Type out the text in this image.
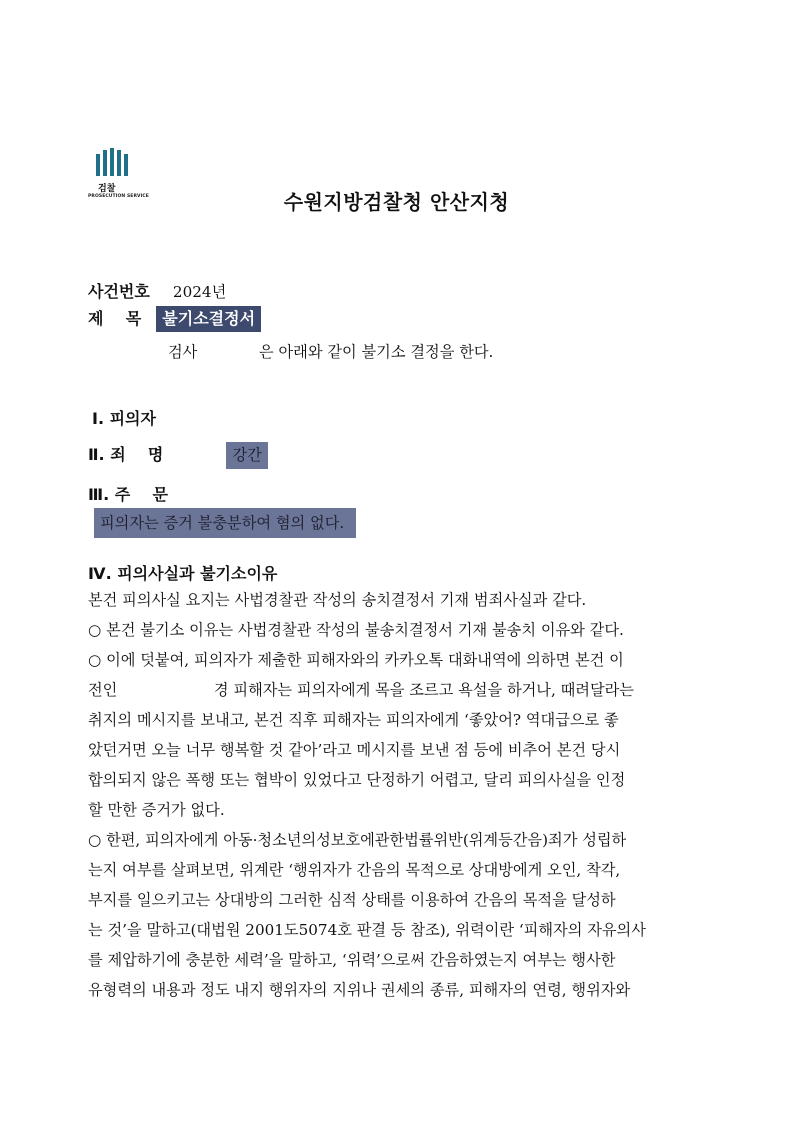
검찰
PROSECUTION SERVICE	수원지방검찰청 안산지청
사건번호 2024년
제    목 불기소결정서
검사	은 아래와 같이 불기소 결정을 한다.
Ⅰ. 피의자
Ⅱ. 죄    명	강간
Ⅲ. 주    문
피의자는 증거 불충분하여 혐의 없다.
Ⅳ. 피의사실과 불기소이유
본건 피의사실 요지는 사법경찰관 작성의 송치결정서 기재 범죄사실과 같다.
○ 본건 불기소 이유는 사법경찰관 작성의 불송치결정서 기재 불송치 이유와 같다.
○ 이에 덧붙여, 피의자가 제출한 피해자와의 카카오톡 대화내역에 의하면 본건 이
전인                    경 피해자는 피의자에게 목을 조르고 욕설을 하거나, 때려달라는
취지의 메시지를 보내고, 본건 직후 피해자는 피의자에게 ‘좋았어? 역대급으로 좋
았던거면 오늘 너무 행복할 것 같아’라고 메시지를 보낸 점 등에 비추어 본건 당시
합의되지 않은 폭행 또는 협박이 있었다고 단정하기 어렵고, 달리 피의사실을 인정
할 만한 증거가 없다.
○ 한편, 피의자에게 아동·청소년의성보호에관한법률위반(위계등간음)죄가 성립하
는지 여부를 살펴보면, 위계란 ‘행위자가 간음의 목적으로 상대방에게 오인, 착각,
부지를 일으키고는 상대방의 그러한 심적 상태를 이용하여 간음의 목적을 달성하
는 것’을 말하고(대법원 2001도5074호 판결 등 참조), 위력이란 ‘피해자의 자유의사
를 제압하기에 충분한 세력’을 말하고, ‘위력’으로써 간음하였는지 여부는 행사한
유형력의 내용과 정도 내지 행위자의 지위나 권세의 종류, 피해자의 연령, 행위자와
